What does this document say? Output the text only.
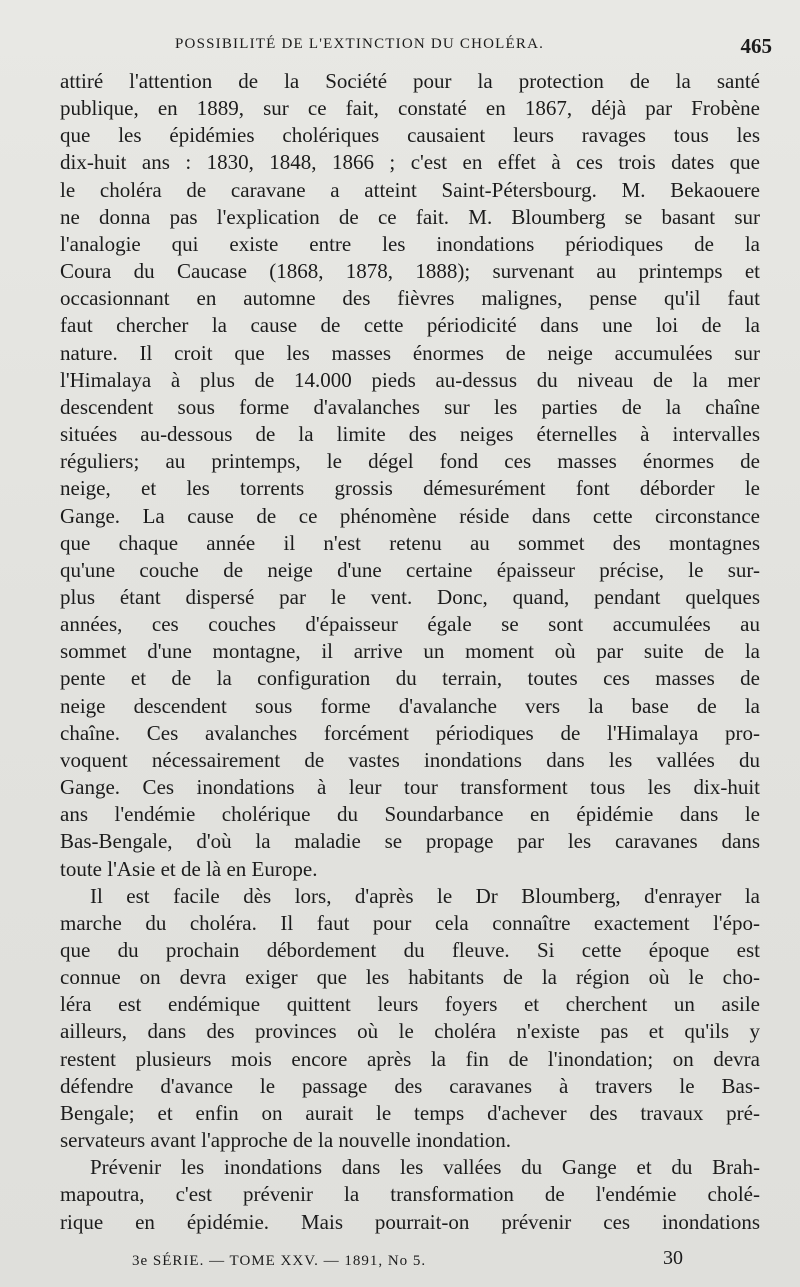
POSSIBILITÉ DE L'EXTINCTION DU CHOLÉRA.	465
attiré l'attention de la Société pour la protection de la santé
publique, en 1889, sur ce fait, constaté en 1867, déjà par Frobène
que les épidémies cholériques causaient leurs ravages tous les
dix-huit ans : 1830, 1848, 1866 ; c'est en effet à ces trois dates que
le choléra de caravane a atteint Saint-Pétersbourg. M. Bekaouere
ne donna pas l'explication de ce fait. M. Bloumberg se basant sur
l'analogie qui existe entre les inondations périodiques de la
Coura du Caucase (1868, 1878, 1888); survenant au printemps et
occasionnant en automne des fièvres malignes, pense qu'il faut
faut chercher la cause de cette périodicité dans une loi de la
nature. Il croit que les masses énormes de neige accumulées sur
l'Himalaya à plus de 14.000 pieds au-dessus du niveau de la mer
descendent sous forme d'avalanches sur les parties de la chaîne
situées au-dessous de la limite des neiges éternelles à intervalles
réguliers; au printemps, le dégel fond ces masses énormes de
neige, et les torrents grossis démesurément font déborder le
Gange. La cause de ce phénomène réside dans cette circonstance
que chaque année il n'est retenu au sommet des montagnes
qu'une couche de neige d'une certaine épaisseur précise, le sur-
plus étant dispersé par le vent. Donc, quand, pendant quelques
années, ces couches d'épaisseur égale se sont accumulées au
sommet d'une montagne, il arrive un moment où par suite de la
pente et de la configuration du terrain, toutes ces masses de
neige descendent sous forme d'avalanche vers la base de la
chaîne. Ces avalanches forcément périodiques de l'Himalaya pro-
voquent nécessairement de vastes inondations dans les vallées du
Gange. Ces inondations à leur tour transforment tous les dix-huit
ans l'endémie cholérique du Soundarbance en épidémie dans le
Bas-Bengale, d'où la maladie se propage par les caravanes dans
toute l'Asie et de là en Europe.
Il est facile dès lors, d'après le Dr Bloumberg, d'enrayer la
marche du choléra. Il faut pour cela connaître exactement l'épo-
que du prochain débordement du fleuve. Si cette époque est
connue on devra exiger que les habitants de la région où le cho-
léra est endémique quittent leurs foyers et cherchent un asile
ailleurs, dans des provinces où le choléra n'existe pas et qu'ils y
restent plusieurs mois encore après la fin de l'inondation; on devra
défendre d'avance le passage des caravanes à travers le Bas-
Bengale; et enfin on aurait le temps d'achever des travaux pré-
servateurs avant l'approche de la nouvelle inondation.
Prévenir les inondations dans les vallées du Gange et du Brah-
mapoutra, c'est prévenir la transformation de l'endémie cholé-
rique en épidémie. Mais pourrait-on prévenir ces inondations
3e SÉRIE. — TOME XXV. — 1891, No 5.	30
